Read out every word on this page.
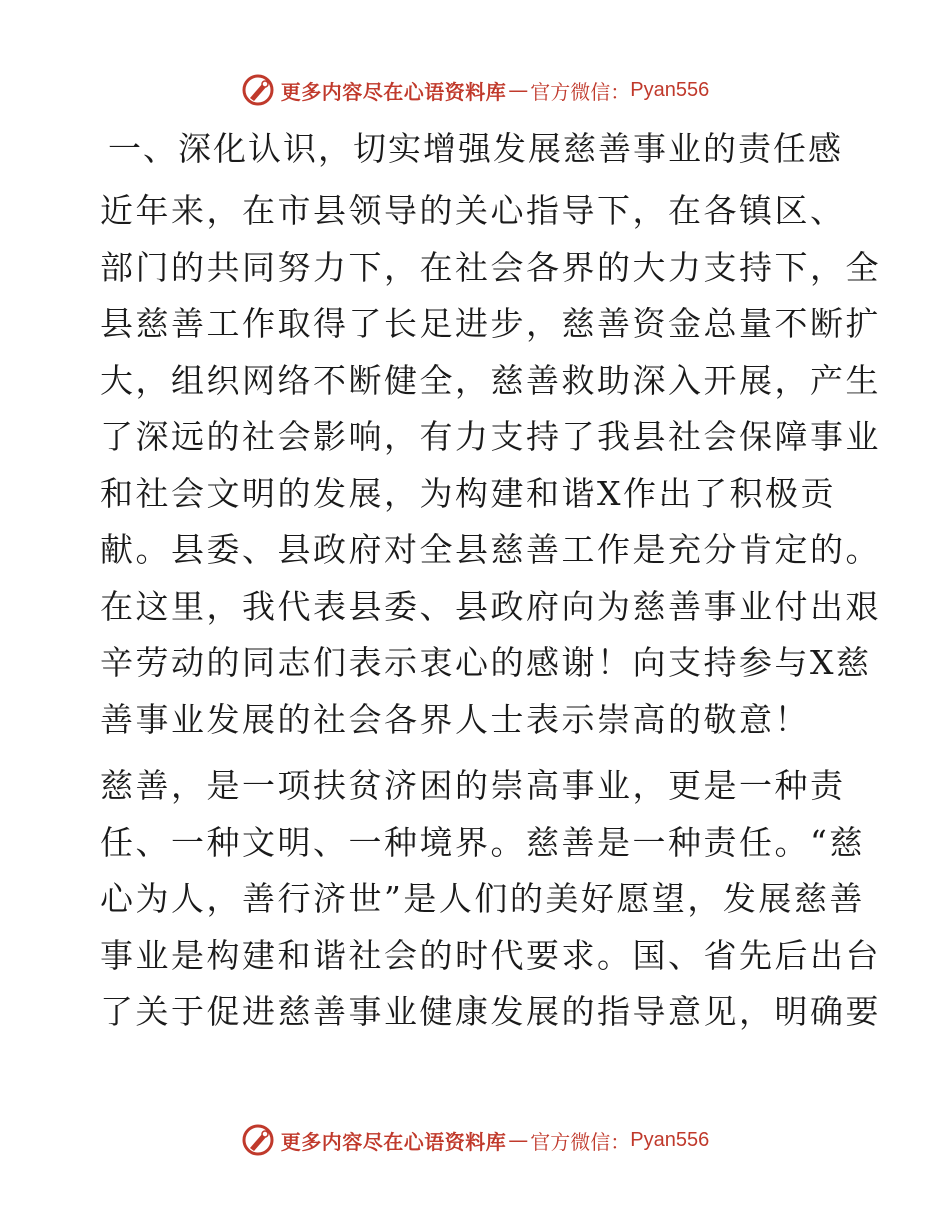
更多内容尽在心语资料库 — 官方微信： Pyan556
一、深化认识，切实增强发展慈善事业的责任感
近年来，在市县领导的关心指导下，在各镇区、
部门的共同努力下，在社会各界的大力支持下，全
县慈善工作取得了长足进步，慈善资金总量不断扩
大，组织网络不断健全，慈善救助深入开展，产生
了深远的社会影响，有力支持了我县社会保障事业
和社会文明的发展，为构建和谐X作出了积极贡
献。县委、县政府对全县慈善工作是充分肯定的。
在这里，我代表县委、县政府向为慈善事业付出艰
辛劳动的同志们表示衷心的感谢！向支持参与X慈
善事业发展的社会各界人士表示崇高的敬意！
慈善，是一项扶贫济困的崇高事业，更是一种责
任、一种文明、一种境界。慈善是一种责任。“慈
心为人，善行济世”是人们的美好愿望，发展慈善
事业是构建和谐社会的时代要求。国、省先后出台
了关于促进慈善事业健康发展的指导意见，明确要
更多内容尽在心语资料库 — 官方微信： Pyan556
